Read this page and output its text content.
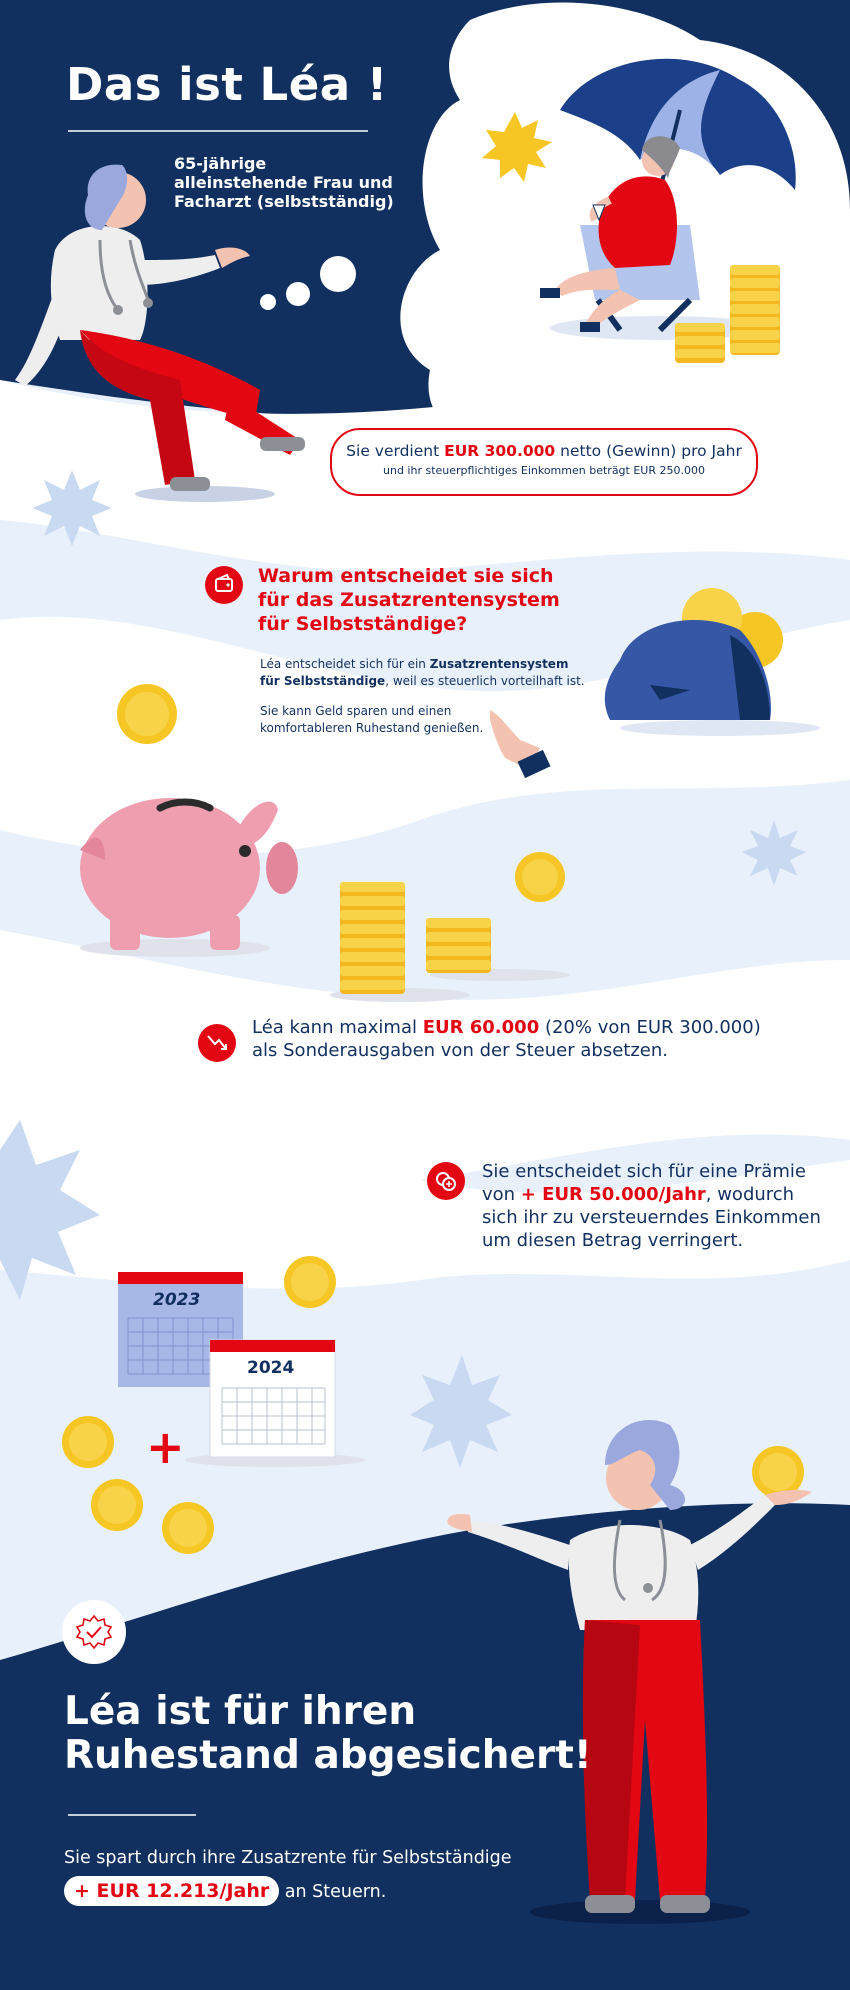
Das ist Léa !
65-jährige
alleinstehende Frau und
Facharzt (selbstständig)
Sie verdient EUR 300.000 netto (Gewinn) pro Jahr
und ihr steuerpflichtiges Einkommen beträgt EUR 250.000
Warum entscheidet sie sich
für das Zusatzrentensystem
für Selbstständige?
Léa entscheidet sich für ein Zusatzrentensystem für Selbstständige, weil es steuerlich vorteilhaft ist.
Sie kann Geld sparen und einen komfortableren Ruhestand genießen.
Léa kann maximal EUR 60.000 (20% von EUR 300.000)
als Sonderausgaben von der Steuer absetzen.
Sie entscheidet sich für eine Prämie
von + EUR 50.000/Jahr, wodurch
sich ihr zu versteuerndes Einkommen
um diesen Betrag verringert.
2023
2024
+
Léa ist für ihren
Ruhestand abgesichert!
Sie spart durch ihre Zusatzrente für Selbstständige
+ EUR 12.213/Jahr an Steuern.
